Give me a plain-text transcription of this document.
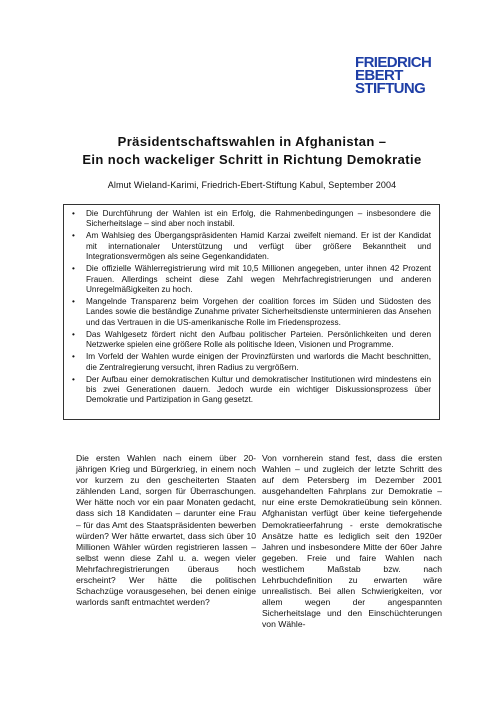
FRIEDRICH
EBERT
STIFTUNG
Präsidentschaftswahlen in Afghanistan –
Ein noch wackeliger Schritt in Richtung Demokratie
Almut Wieland-Karimi, Friedrich-Ebert-Stiftung Kabul, September 2004
• Die Durchführung der Wahlen ist ein Erfolg, die Rahmenbedingungen – insbesondere die Sicherheitslage – sind aber noch instabil.
• Am Wahlsieg des Übergangspräsidenten Hamid Karzai zweifelt niemand. Er ist der Kandidat mit internationaler Unterstützung und verfügt über größere Bekanntheit und Integrationsvermögen als seine Gegenkandidaten.
• Die offizielle Wählerregistrierung wird mit 10,5 Millionen angegeben, unter ihnen 42 Prozent Frauen. Allerdings scheint diese Zahl wegen Mehrfachregistrierungen und anderen Unregelmäßigkeiten zu hoch.
• Mangelnde Transparenz beim Vorgehen der coalition forces im Süden und Südosten des Landes sowie die beständige Zunahme privater Sicherheitsdienste unterminieren das Ansehen und das Vertrauen in die US-amerikanische Rolle im Friedensprozess.
• Das Wahlgesetz fördert nicht den Aufbau politischer Parteien. Persönlichkeiten und deren Netzwerke spielen eine größere Rolle als politische Ideen, Visionen und Programme.
• Im Vorfeld der Wahlen wurde einigen der Provinzfürsten und warlords die Macht beschnitten, die Zentralregierung versucht, ihren Radius zu vergrößern.
• Der Aufbau einer demokratischen Kultur und demokratischer Institutionen wird mindestens ein bis zwei Generationen dauern. Jedoch wurde ein wichtiger Diskussionsprozess über Demokratie und Partizipation in Gang gesetzt.

Die ersten Wahlen nach einem über 20-jährigen Krieg und Bürgerkrieg, in einem noch vor kurzem zu den gescheiterten Staaten zählenden Land, sorgen für Überraschungen. Wer hätte noch vor ein paar Monaten gedacht, dass sich 18 Kandidaten – darunter eine Frau – für das Amt des Staatspräsidenten bewerben würden? Wer hätte erwartet, dass sich über 10 Millionen Wähler würden registrieren lassen – selbst wenn diese Zahl u. a. wegen vieler Mehrfachregistrierungen überaus hoch erscheint? Wer hätte die politischen Schachzüge vorausgesehen, bei denen einige warlords sanft entmachtet werden?

Von vornherein stand fest, dass die ersten Wahlen – und zugleich der letzte Schritt des auf dem Petersberg im Dezember 2001 ausgehandelten Fahrplans zur Demokratie – nur eine erste Demokratieübung sein können. Afghanistan verfügt über keine tiefergehende Demokratieerfahrung - erste demokratische Ansätze hatte es lediglich seit den 1920er Jahren und insbesondere Mitte der 60er Jahre gegeben. Freie und faire Wahlen nach westlichem Maßstab bzw. nach Lehrbuchdefinition zu erwarten wäre unrealistisch. Bei allen Schwierigkeiten, vor allem wegen der angespannten Sicherheitslage und den Einschüchterungen von Wähle-
